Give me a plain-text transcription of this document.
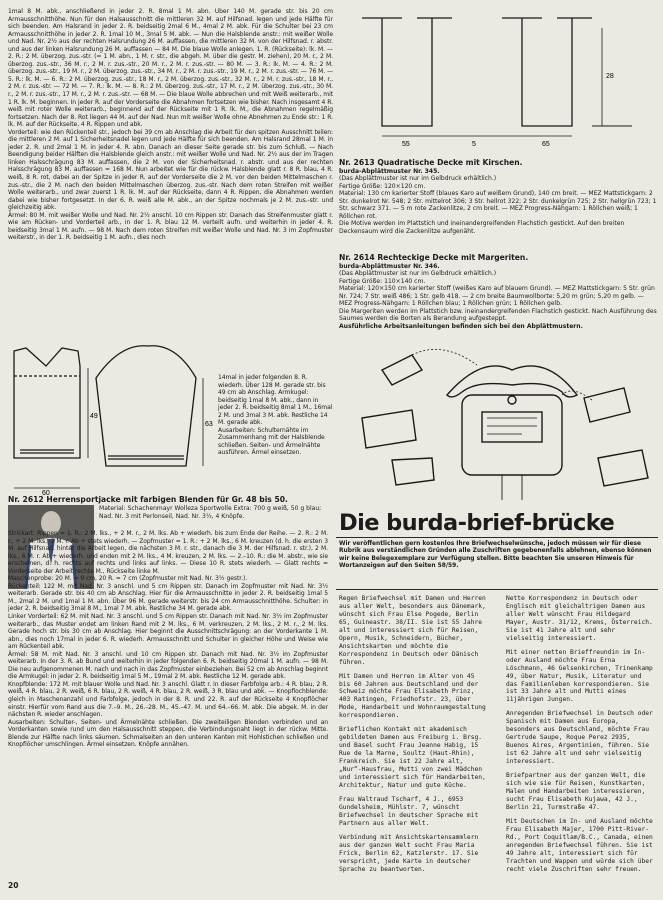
1mal 8 M. abk., anschließend in jeder 2. R. 8mal 1 M. abn. Über 140 M. gerade str. bis 20 cm Armausschnitthöhe. Nun für den Halsausschnitt die mittleren 32 M. auf Hilfsnad. legen und jede Hälfte für sich beenden. Am Halsrand in jeder 2. R. beidseitig 2mal 6 M., 4mal 2 M. abk. Für die Schulter bei 23 cm Armausschnitthöhe in jeder 2. R. 1mal 10 M., 3mal 5 M. abk. — Nun die Halsblende anstr.: mit weißer Wolle und Nad. Nr. 2½ aus der rechten Halsrundung 26 M. auffassen, die mittleren 32 M. von der Hilfsnad. r. abstr. und aus der linken Halsrundung 26 M. auffassen — 84 M. Die blaue Wolle anlegen. 1. R. (Rückseite): lk. M. — 2. R.: 2 M. überzog. zus.-str. (= 1 M. abn., 1 M. r. str., die abgeh. M. über die gestr. M. ziehen), 20 M. r., 2 M. überzog. zus.-str., 36 M. r., 2 M. r. zus.-str., 20 M. r., 2 M. r. zus.-str. — 80 M. — 3. R.: lk. M. — 4. R.: 2 M. überzog. zus.-str., 19 M. r., 2 M. überzog. zus.-str., 34 M. r., 2 M. r. zus.-str., 19 M. r., 2 M. r. zus.-str. — 76 M. — 5. R.: lk. M. — 6. R.: 2 M. überzog. zus.-str., 18 M. r., 2 M. überzog. zus.-str., 32 M. r., 2 M. r. zus.-str., 18 M. r., 2 M. r. zus.-str. — 72 M. — 7. R.: lk. M. — 8. R.: 2 M. überzog. zus.-str., 17 M. r., 2 M. überzog. zus.-str., 30 M. r., 2 M. r. zus.-str., 17 M. r., 2 M. r. zus.-str. — 68 M. — Die blaue Wolle abbrechen und mit Weiß weiterarb., mit 1 R. lk. M. beginnen. In jeder R. auf der Vorderseite die Abnahmen fortsetzen wie bisher. Nach insgesamt 4 R. weiß mit roter Wolle weiterarb., beginnend auf der Rückseite mit 1 R. lk. M., die Abnahmen regelmäßig fortsetzen. Nach der 8. Rot liegen 44 M. auf der Nad. Nun mit weißer Wolle ohne Abnehmen zu Ende str.: 1 R. lk. M. auf der Rückseite, 4 R. Rippen und abk.
Vorderteil: wie den Rückenteil str., jedoch bei 39 cm ab Anschlag die Arbeit für den spitzen Ausschnitt teilen: die mittleren 2 M. auf 1 Sicherheitsnadel legen und jede Hälfte für sich beenden. Am Halsrand 28mal 1 M. in jeder 2. R. und 2mal 1 M. in jeder 4. R. abn. Danach an dieser Seite gerade str. bis zum Schluß. — Nach Beendigung beider Hälften die Halsblende gleich anstr.: mit weißer Wolle und Nad. Nr. 2½ aus der im Tragen linken Halsschrägung 83 M. auffassen, die 2 M. von der Sicherheitsnad. r. abstr. und aus der rechten Halsschrägung 83 M. auffassen = 168 M. Nun arbeitet wie für die rückw. Halsblende glatt r. 8 R. blau, 4 R. weiß, 8 R. rot, dabei an der Spitze in jeder R. auf der Vorderseite die 2 M. vor den beiden Mittelmaschen r. zus.-str., die 2 M. nach den beiden Mittelmaschen überzog. zus.-str. Nach dem roten Streifen mit weißer Wolle weiterarb., und zwar zuerst 1 R. lk. M. auf der Rückseite, dann 4 R. Rippen, die Abnahmen werden dabei wie bisher fortgesetzt. In der 6. R. weiß alle M. abk., an der Spitze nochmals je 2 M. zus.-str. und gleichzeitig abk.
Ärmel: 80 M. mit weißer Wolle und Nad. Nr. 2½ anschl. 10 cm Rippen str. Danach das Streifenmuster glatt r. wie am Rücken- und Vorderteil arb., in der 1. R. blau 12 M. verteilt aufn. und weiterhin in jeder 4. R. beidseitig 3mal 1 M. aufn. — 98 M. Nach dem roten Streifen mit weißer Wolle und Nad. Nr. 3 im Zopfmuster weiterstr., in der 1. R. beidseitig 1 M. aufn., dies noch

60
49
63

14mal in jeder folgenden 8. R. wiederh. Über 128 M. gerade str. bis 49 cm ab Anschlag. Armkugel: beidseitig 1mal 8 M. abk., dann in jeder 2. R. beidseitig 8mal 1 M., 16mal 2 M. und 3mal 3 M. abk. Restliche 14 M. gerade abk.
Ausarbeiten: Schulternähte im Zusammenhang mit der Halsblende schließen. Seiten- und Ärmelnähte ausführen. Ärmel einsetzen.

Nr. 2612 Herrensportjacke mit farbigen Blenden für Gr. 48 bis 50.

Material: Schachenmayr Wolleza Sportwolle Extra: 700 g weiß, 50 g blau; Nad. Nr. 3 mit Perlonseil, Nad. Nr. 3½, 4 Knöpfe.

Strickart: Rippen = 1. R.: 2 M. lks., + 2 M. r., 2 M. lks. Ab + wiederh. bis zum Ende der Reihe. — 2. R.: 2 M. r., + 2 M. lks., 2 M. r. Ab + stets wiederh. — Zopfmuster = 1. R.: + 2 M. lks., 6 M. kreuzen (d. h. die ersten 3 M. auf Hilfsnad. hinter die Arbeit legen, die nächsten 3 M. r. str., danach die 3 M. der Hilfsnad. r. str.), 2 M. lks., 6 M. r. Ab + wiederh. und enden mit 2 M. lks., 4 M. kreuzen, 2 M. lks. — 2.–10. R.: die M. abstr., wie sie erscheinen, d. h. rechts auf rechts und links auf links. — Diese 10 R. stets wiederh. — Glatt rechts = Vorderseite der Arbeit rechte M., Rückseite linke M.
Maschenprobe: 20 M. = 9 cm, 20 R. = 7 cm (Zopfmuster mit Nad. Nr. 3½ gestr.).
Rückenteil: 122 M. mit Nad. Nr. 3 anschl. und 5 cm Rippen str. Danach im Zopfmuster mit Nad. Nr. 3½ weiterarb. Gerade str. bis 40 cm ab Anschlag. Hier für die Armausschnitte in jeder 2. R. beidseitig 1mal 5 M., 2mal 2 M. und 1mal 1 M. abn. Über 96 M. gerade weiterstr. bis 24 cm Armausschnitthöhe. Schulter: in jeder 2. R. beidseitig 3mal 8 M., 1mal 7 M. abk. Restliche 34 M. gerade abk.
Linker Vorderteil: 62 M. mit Nad. Nr. 3 anschl. und 5 cm Rippen str. Danach mit Nad. Nr. 3½ im Zopfmuster weiterarb., das Muster endet am linken Rand mit 2 M. lks., 6 M. verkreuzen, 2 M. lks., 2 M. r., 2 M. lks. Gerade hoch str. bis 30 cm ab Anschlag. Hier beginnt die Ausschnittschrägung: an der Vorderkante 1 M. abn., dies noch 17mal in jeder 6. R. wiederh. Armausschnitt und Schulter in gleicher Höhe und Weise wie am Rückenteil abk.
Ärmel: 58 M. mit Nad. Nr. 3 anschl. und 10 cm Rippen str. Danach mit Nad. Nr. 3½ im Zopfmuster weiterarb. In der 3. R. ab Bund und weiterhin in jeder folgenden 6. R. beidseitig 20mal 1 M. aufn. — 98 M. Die neu aufgenommenen M. nach und nach in das Zopfmuster einbeziehen. Bei 52 cm ab Anschlag beginnt die Armkugel: in jeder 2. R. beidseitig 1mal 5 M., 19mal 2 M. abk. Restliche 12 M. gerade abk.
Knopfblende: 172 M. mit blauer Wolle und Nad. Nr. 3 anschl. Glatt r. in dieser Farbfolge arb.: 4 R. blau, 2 R. weiß, 4 R. blau, 2 R. weiß, 6 R. blau, 2 R. weiß, 4 R. blau, 2 R. weiß, 3 R. blau und abk. — Knopflochblende: gleich in Maschenanzahl und Farbfolge, jedoch in der 8. R. und 22. R. auf der Rückseite 4 Knopflöcher einstr. Hierfür vom Rand aus die 7.–9. M., 26.–28. M., 45.–47. M. und 64.–66. M. abk. Die abgek. M. in der nächsten R. wieder anschlagen.
Ausarbeiten: Schulter-, Seiten- und Ärmelnähte schließen. Die zweiteiligen Blenden verbinden und an Vorderkanten sowie rund um den Halsausschnitt steppen, die Verbindungsnaht liegt in der rückw. Mitte. Blende zur Hälfte nach links säumen. Schmalseiten an den unteren Kanten mit Hohlstichen schließen und Knopflöcher umschlingen. Ärmel einsetzen. Knöpfe annähen.

55	5	65
28
Nr. 2613 Quadratische Decke mit Kirschen.

burda-Abplättmuster Nr. 345.

(Das Abplättmuster ist nur im Gelbdruck erhältlich.)

Fertige Größe: 120×120 cm.

Material: 130 cm karierter Stoff (blaues Karo auf weißem Grund), 140 cm breit. — MEZ Mattstickgarn: 2 Str. dunkelrot Nr. 548; 2 Str. mittelrot 306; 3 Str. hellrot 322; 2 Str. dunkelgrün 725; 2 Str. hellgrün 723; 1 Str. schwarz 371. — 5 m rote Zackenlitze, 2 cm breit. — MEZ Progress-Nähgarn: 1 Röllchen weiß; 1 Röllchen rot.

Die Motive werden im Plattstich und ineinandergreifenden Flachstich gestickt. Auf den breiten Deckensaum wird die Zackenlitze aufgenäht.

Nr. 2614 Rechteckige Decke mit Margeriten.

burda-Abplättmuster Nr. 346.

(Das Abplättmuster ist nur im Gelbdruck erhältlich.)

Fertige Größe: 110×140 cm.

Material: 120×150 cm karierter Stoff (weißes Karo auf blauem Grund). — MEZ Mattstickgarn: 5 Str. grün Nr. 724; 7 Str. weiß 486; 1 Str. gelb 418. — 2 cm breite Baumwollborte: 5,20 m grün; 5,20 m gelb. — MEZ Progress-Nähgarn: 1 Röllchen blau; 1 Röllchen grün; 1 Röllchen gelb.

Die Margeriten werden im Plattstich bzw. ineinandergreifenden Flachstich gestickt. Nach Ausführung des Saumes werden die Borten als Berandung aufgesteppt.

Ausführliche Arbeitsanleitungen befinden sich bei den Abplättmustern.

Die burda-brief-brücke
Wir veröffentlichen gern kostenlos Ihre Briefwechselwünsche, jedoch müssen wir für diese Rubrik aus verständlichen Gründen alle Zuschriften gegebenenfalls ablehnen, ebenso können wir keine Belegexemplare zur Verfügung stellen. Bitte beachten Sie unseren Hinweis für Wortanzeigen auf den Seiten 58/59.

Regen Briefwechsel mit Damen und Herren aus aller Welt, besonders aus Dänemark, wünscht sich Frau Else Pogede, Berlin 65, Guineastr. 38/II. Sie ist 55 Jahre alt und interessiert sich für Reisen, Opern, Musik, Schneidern, Bücher, Ansichtskarten und möchte die Korrespondenz in Deutsch oder Dänisch führen.

Mit Damen und Herren im Alter von 45 bis 60 Jahren aus Deutschland und der Schweiz möchte Frau Elisabeth Prinz, 403 Ratingen, Friedhofstr. 23, über Mode, Handarbeit und Wohnraumgestaltung korrespondieren.

Brieflichen Kontakt mit akademisch gebildeten Damen aus Freiburg i. Brsg. und Basel sucht Frau Jeanne Habig, 15 Rue de la Marne, Soultz (Haut-Rhin), Frankreich. Sie ist 22 Jahre alt, „Nur“-Hausfrau, Mutti von zwei Mädchen und interessiert sich für Handarbeiten, Architektur, Natur und gute Küche.

Frau Waltraud Tscharf, 4 J., 6953 Gundelsheim, Mühlstr. 7, wünscht Briefwechsel in deutscher Sprache mit Partnern aus aller Welt.

Verbindung mit Ansichtskartensammlern aus der ganzen Welt sucht Frau Maria Frick, Berlin 62, Katzlerstr. 17. Sie verspricht, jede Karte in deutscher Sprache zu beantworten.

Nette Korrespondenz in Deutsch oder Englisch mit gleichaltrigen Damen aus aller Welt wünscht Frau Hildegard Mayer, Austr. 31/12, Krems, Österreich. Sie ist 41 Jahre alt und sehr vielseitig interessiert.

Mit einer netten Brieffreundin im In- oder Ausland möchte Frau Erna Löschmann, 46 Gelsenkirchen, Trinenkamp 49, über Natur, Musik, Literatur und das Familienleben korrespondieren. Sie ist 33 Jahre alt und Mutti eines 11jährigen Jungen.

Anregenden Briefwechsel in Deutsch oder Spanisch mit Damen aus Europa, besonders aus Deutschland, möchte Frau Gertrude Saupe, Roque Perez 2935, Buenos Aires, Argentinien, führen. Sie ist 62 Jahre alt und sehr vielseitig interessiert.

Briefpartner aus der ganzen Welt, die sich wie sie für Reisen, Kunstkarten, Malen und Handarbeiten interessieren, sucht Frau Elisabeth Kujawa, 42 J., Berlin 21, Turmstraße 47.

Mit Deutschen im In- und Ausland möchte Frau Elisabeth Majer, 1700 Pitt-River-Rd., Port Coquitlam/B.C., Canada, einen anregenden Briefwechsel führen. Sie ist 49 Jahre alt, interessiert sich für Trachten und Wappen und würde sich über recht viele Zuschriften sehr freuen.

20
